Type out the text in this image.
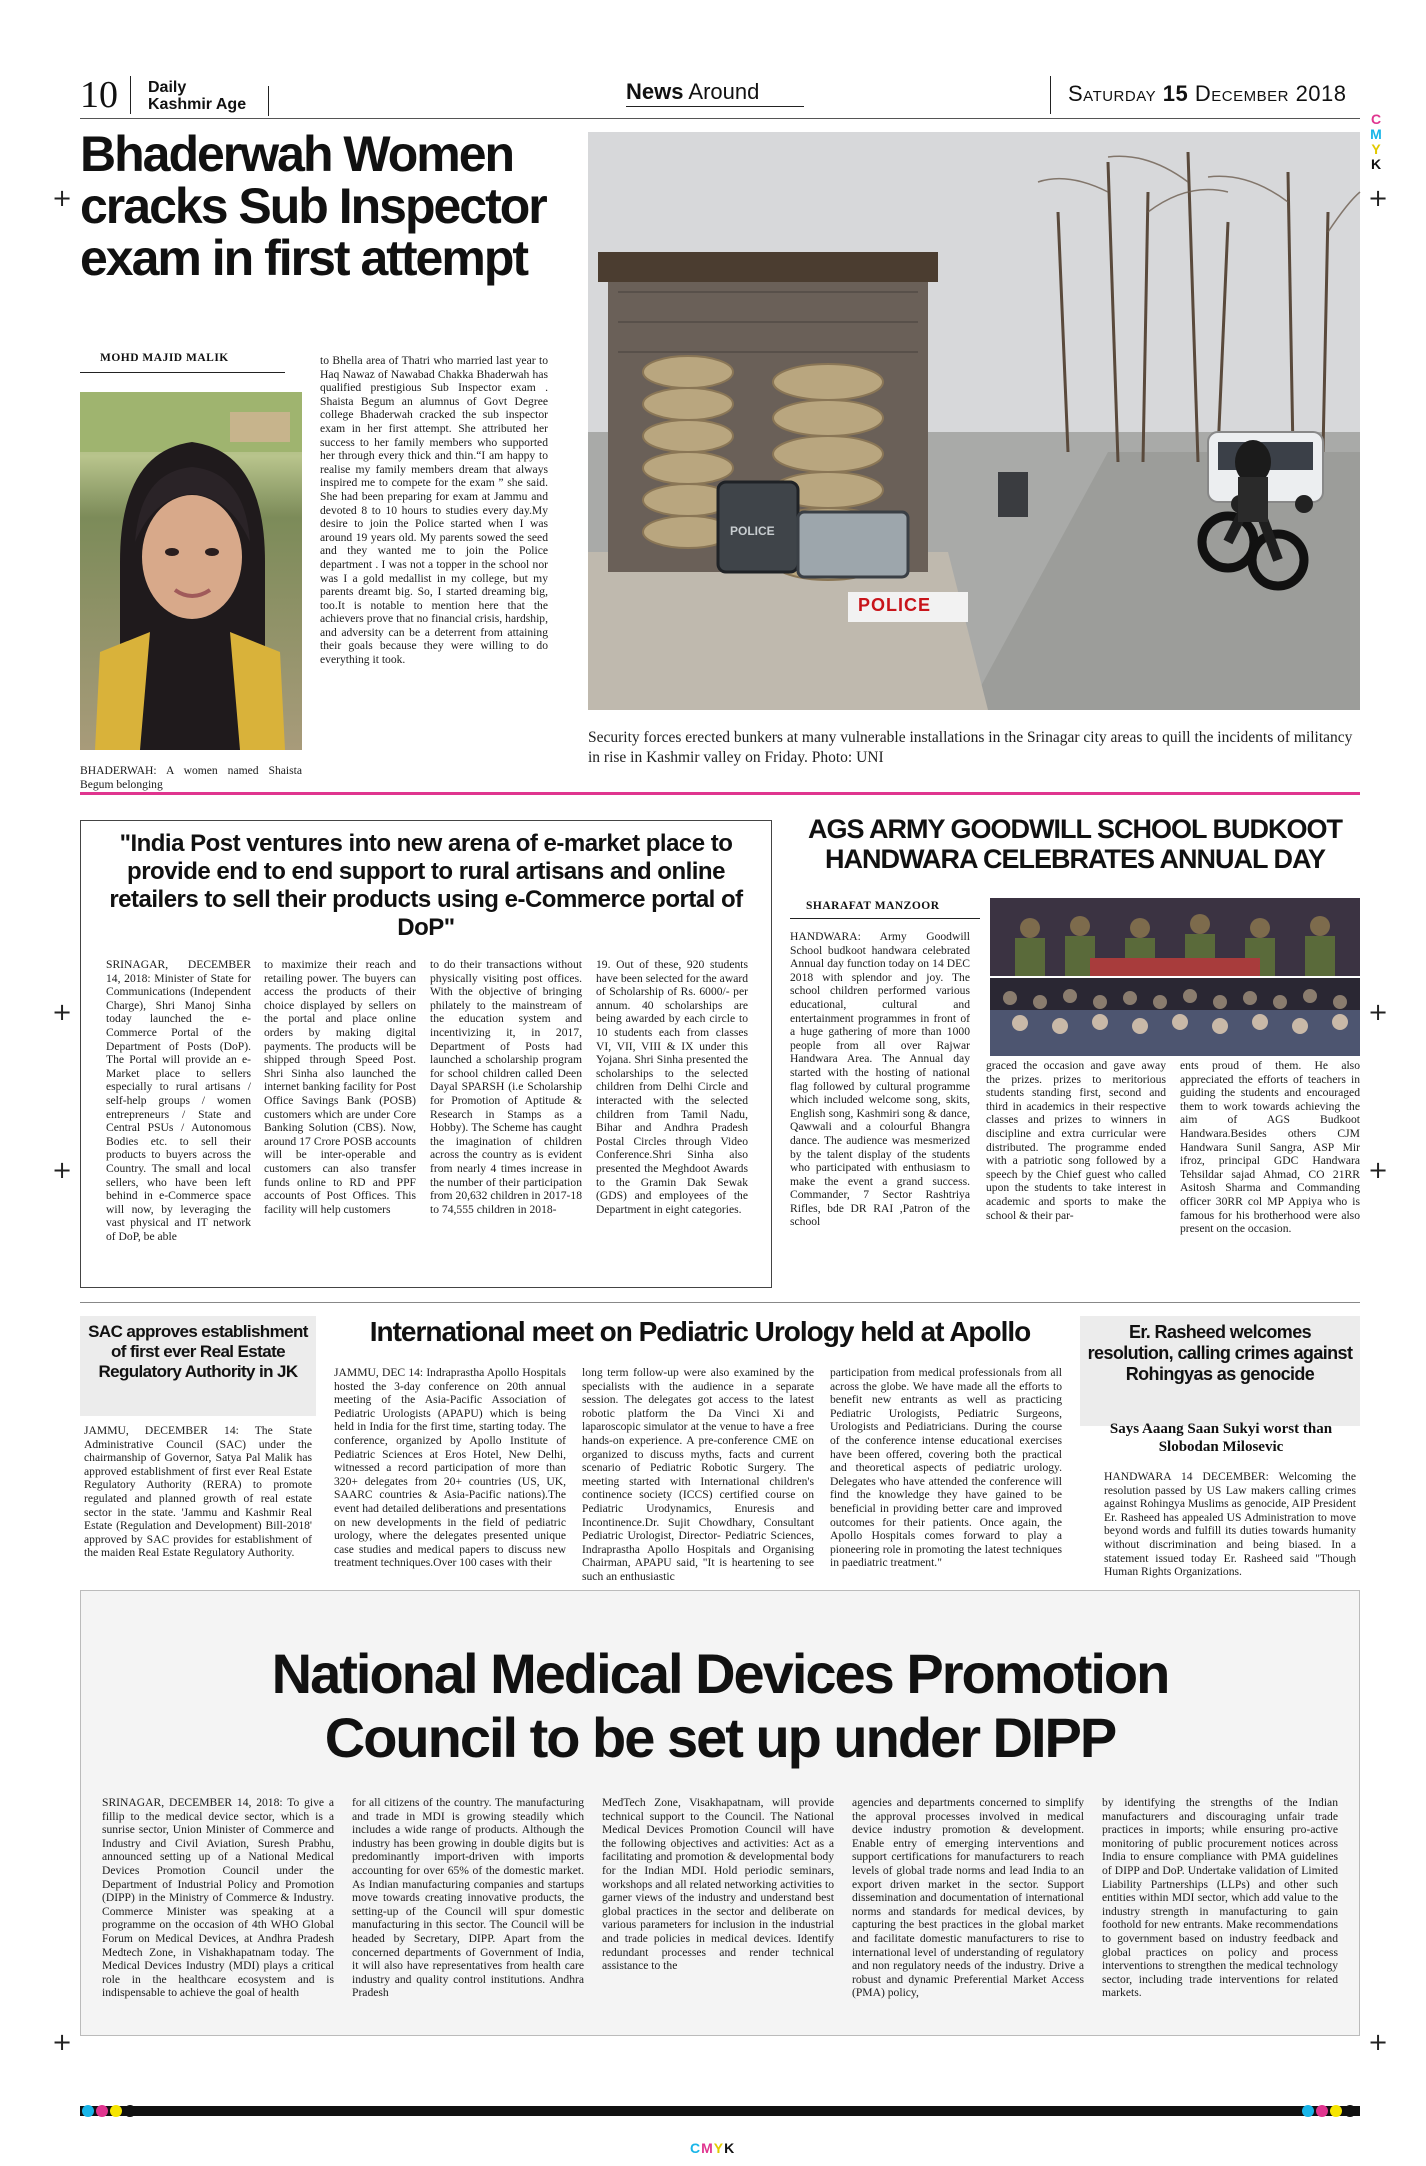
10 Daily
Kashmir Age
News Around	Saturday 15 December 2018
C
M
Y
K
+	+
+	+
+	+
+	+
Bhaderwah Women cracks Sub Inspector exam in first attempt
MOHD MAJID MALIK
BHADERWAH: A women named Shaista Begum belonging
to Bhella area of Thatri who married last year to Haq Nawaz of Nawabad Chakka Bhaderwah has qualified prestigious Sub Inspector exam . Shaista Begum an alumnus of Govt Degree college Bhaderwah cracked the sub inspector exam in her first attempt. She attributed her success to her family members who supported her through every thick and thin.“I am happy to realise my family members dream that always inspired me to compete for the exam ” she said. She had been preparing for exam at Jammu and devoted 8 to 10 hours to studies every day.My desire to join the Police started when I was around 19 years old. My parents sowed the seed and they wanted me to join the Police department . I was not a topper in the school nor was I a gold medallist in my college, but my parents dreamt big. So, I started dreaming big, too.It is notable to mention here that the achievers prove that no financial crisis, hardship, and adversity can be a deterrent from attaining their goals because they were willing to do everything it took.
POLICE
POLICE
Security forces erected bunkers at many vulnerable installations in the Srinagar city areas to quill the incidents of militancy in rise in Kashmir valley on Friday. Photo: UNI
"India Post ventures into new arena of e-market place to provide end to end support to rural artisans and online retailers to sell their products using e-Commerce portal of DoP"
SRINAGAR, DECEMBER 14, 2018: Minister of State for Communications (Independent Charge), Shri Manoj Sinha today launched the e-Commerce Portal of the Department of Posts (DoP). The Portal will provide an e-Market place to sellers especially to rural artisans / self-help groups / women entrepreneurs / State and Central PSUs / Autonomous Bodies etc. to sell their products to buyers across the Country. The small and local sellers, who have been left behind in e-Commerce space will now, by leveraging the vast physical and IT network of DoP, be able
to maximize their reach and retailing power. The buyers can access the products of their choice displayed by sellers on the portal and place online orders by making digital payments. The products will be shipped through Speed Post. Shri Sinha also launched the internet banking facility for Post Office Savings Bank (POSB) customers which are under Core Banking Solution (CBS). Now, around 17 Crore POSB accounts will be inter-operable and customers can also transfer funds online to RD and PPF accounts of Post Offices. This facility will help customers
to do their transactions without physically visiting post offices. With the objective of bringing philately to the mainstream of the education system and incentivizing it, in 2017, Department of Posts had launched a scholarship program for school children called Deen Dayal SPARSH (i.e Scholarship for Promotion of Aptitude & Research in Stamps as a Hobby). The Scheme has caught the imagination of children across the country as is evident from nearly 4 times increase in the number of their participation from 20,632 children in 2017-18 to 74,555 children in 2018-
19. Out of these, 920 students have been selected for the award of Scholarship of Rs. 6000/- per annum. 40 scholarships are being awarded by each circle to 10 students each from classes VI, VII, VIII & IX under this Yojana. Shri Sinha presented the scholarships to the selected children from Delhi Circle and interacted with the selected children from Tamil Nadu, Bihar and Andhra Pradesh Postal Circles through Video Conference.Shri Sinha also presented the Meghdoot Awards to the Gramin Dak Sewak (GDS) and employees of the Department in eight categories.
AGS ARMY GOODWILL SCHOOL BUDKOOT HANDWARA CELEBRATES ANNUAL DAY
SHARAFAT MANZOOR
HANDWARA: Army Goodwill School budkoot handwara celebrated Annual day function today on 14 DEC 2018 with splendor and joy. The school children performed various educational, cultural and entertainment programmes in front of a huge gathering of more than 1000 people from all over Rajwar Handwara Area. The Annual day started with the hosting of national flag followed by cultural programme which included welcome song, skits, English song, Kashmiri song & dance, Qawwali and a colourful Bhangra dance. The audience was mesmerized by the talent display of the students who participated with enthusiasm to make the event a grand success. Commander, 7 Sector Rashtriya Rifles, bde DR RAI ,Patron of the school
graced the occasion and gave away the prizes. prizes to meritorious students standing first, second and third in academics in their respective classes and prizes to winners in discipline and extra curricular were distributed. The programme ended with a patriotic song followed by a speech by the Chief guest who called upon the students to take interest in academic and sports to make the school & their par-
ents proud of them. He also appreciated the efforts of teachers in guiding the students and encouraged them to work towards achieving the aim of AGS Budkoot Handwara.Besides others CJM Handwara Sunil Sangra, ASP Mir ifroz, principal GDC Handwara Tehsildar sajad Ahmad, CO 21RR Asitosh Sharma and Commanding officer 30RR col MP Appiya who is famous for his brotherhood were also present on the occasion.
SAC approves establishment of first ever Real Estate Regulatory Authority in JK
JAMMU, DECEMBER 14: The State Administrative Council (SAC) under the chairmanship of Governor, Satya Pal Malik has approved establishment of first ever Real Estate Regulatory Authority (RERA) to promote regulated and planned growth of real estate sector in the state. 'Jammu and Kashmir Real Estate (Regulation and Development) Bill-2018' approved by SAC provides for establishment of the maiden Real Estate Regulatory Authority.
International meet on Pediatric Urology held at Apollo
JAMMU, DEC 14: Indraprastha Apollo Hospitals hosted the 3-day conference on 20th annual meeting of the Asia-Pacific Association of Pediatric Urologists (APAPU) which is being held in India for the first time, starting today. The conference, organized by Apollo Institute of Pediatric Sciences at Eros Hotel, New Delhi, witnessed a record participation of more than 320+ delegates from 20+ countries (US, UK, SAARC countries & Asia-Pacific nations).The event had detailed deliberations and presentations on new developments in the field of pediatric urology, where the delegates presented unique case studies and medical papers to discuss new treatment techniques.Over 100 cases with their
long term follow-up were also examined by the specialists with the audience in a separate session. The delegates got access to the latest robotic platform the Da Vinci Xi and laparoscopic simulator at the venue to have a free hands-on experience. A pre-conference CME on organized to discuss myths, facts and current scenario of Pediatric Robotic Surgery. The meeting started with International children's continence society (ICCS) certified course on Pediatric Urodynamics, Enuresis and Incontinence.Dr. Sujit Chowdhary, Consultant Pediatric Urologist, Director- Pediatric Sciences, Indraprastha Apollo Hospitals and Organising Chairman, APAPU said, "It is heartening to see such an enthusiastic
participation from medical professionals from all across the globe. We have made all the efforts to benefit new entrants as well as practicing Pediatric Urologists, Pediatric Surgeons, Urologists and Pediatricians. During the course of the conference intense educational exercises have been offered, covering both the practical and theoretical aspects of pediatric urology. Delegates who have attended the conference will find the knowledge they have gained to be beneficial in providing better care and improved outcomes for their patients. Once again, the Apollo Hospitals comes forward to play a pioneering role in promoting the latest techniques in paediatric treatment."
Er. Rasheed welcomes resolution, calling crimes against Rohingyas as genocide
Says Aaang Saan Sukyi worst than Slobodan Milosevic
HANDWARA 14 DECEMBER: Welcoming the resolution passed by US Law makers calling crimes against Rohingya Muslims as genocide, AIP President Er. Rasheed has appealed US Administration to move beyond words and fulfill its duties towards humanity without discrimination and being biased. In a statement issued today Er. Rasheed said "Though Human Rights Organizations.
National Medical Devices Promotion
Council to be set up under DIPP
SRINAGAR, DECEMBER 14, 2018: To give a fillip to the medical device sector, which is a sunrise sector, Union Minister of Commerce and Industry and Civil Aviation, Suresh Prabhu, announced setting up of a National Medical Devices Promotion Council under the Department of Industrial Policy and Promotion (DIPP) in the Ministry of Commerce & Industry. Commerce Minister was speaking at a programme on the occasion of 4th WHO Global Forum on Medical Devices, at Andhra Pradesh Medtech Zone, in Vishakhapatnam today. The Medical Devices Industry (MDI) plays a critical role in the healthcare ecosystem and is indispensable to achieve the goal of health
for all citizens of the country. The manufacturing and trade in MDI is growing steadily which includes a wide range of products. Although the industry has been growing in double digits but is predominantly import-driven with imports accounting for over 65% of the domestic market. As Indian manufacturing companies and startups move towards creating innovative products, the setting-up of the Council will spur domestic manufacturing in this sector. The Council will be headed by Secretary, DIPP. Apart from the concerned departments of Government of India, it will also have representatives from health care industry and quality control institutions. Andhra Pradesh
MedTech Zone, Visakhapatnam, will provide technical support to the Council. The National Medical Devices Promotion Council will have the following objectives and activities: Act as a facilitating and promotion & developmental body for the Indian MDI. Hold periodic seminars, workshops and all related networking activities to garner views of the industry and understand best global practices in the sector and deliberate on various parameters for inclusion in the industrial and trade policies in medical devices. Identify redundant processes and render technical assistance to the
agencies and departments concerned to simplify the approval processes involved in medical device industry promotion & development. Enable entry of emerging interventions and support certifications for manufacturers to reach levels of global trade norms and lead India to an export driven market in the sector. Support dissemination and documentation of international norms and standards for medical devices, by capturing the best practices in the global market and facilitate domestic manufacturers to rise to international level of understanding of regulatory and non regulatory needs of the industry. Drive a robust and dynamic Preferential Market Access (PMA) policy,
by identifying the strengths of the Indian manufacturers and discouraging unfair trade practices in imports; while ensuring pro-active monitoring of public procurement notices across India to ensure compliance with PMA guidelines of DIPP and DoP. Undertake validation of Limited Liability Partnerships (LLPs) and other such entities within MDI sector, which add value to the industry strength in manufacturing to gain foothold for new entrants. Make recommendations to government based on industry feedback and global practices on policy and process interventions to strengthen the medical technology sector, including trade interventions for related markets.
CMYK
